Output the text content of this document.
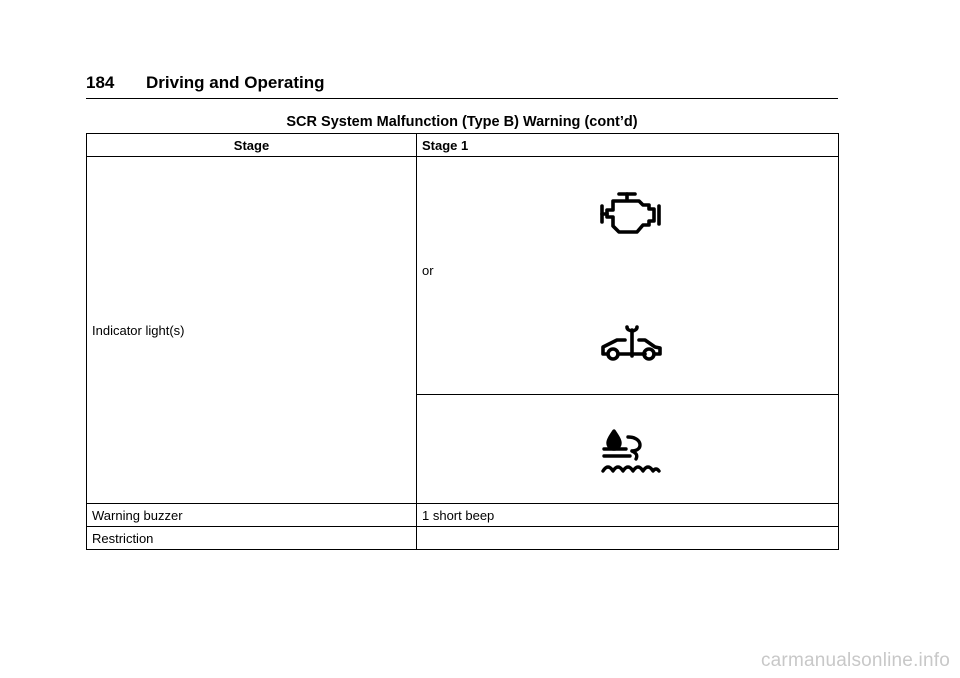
184 Driving and Operating
SCR System Malfunction (Type B) Warning (cont’d)
Stage	Stage 1
Indicator light(s)	or

Warning buzzer	1 short beep
Restriction	
carmanualsonline.info
